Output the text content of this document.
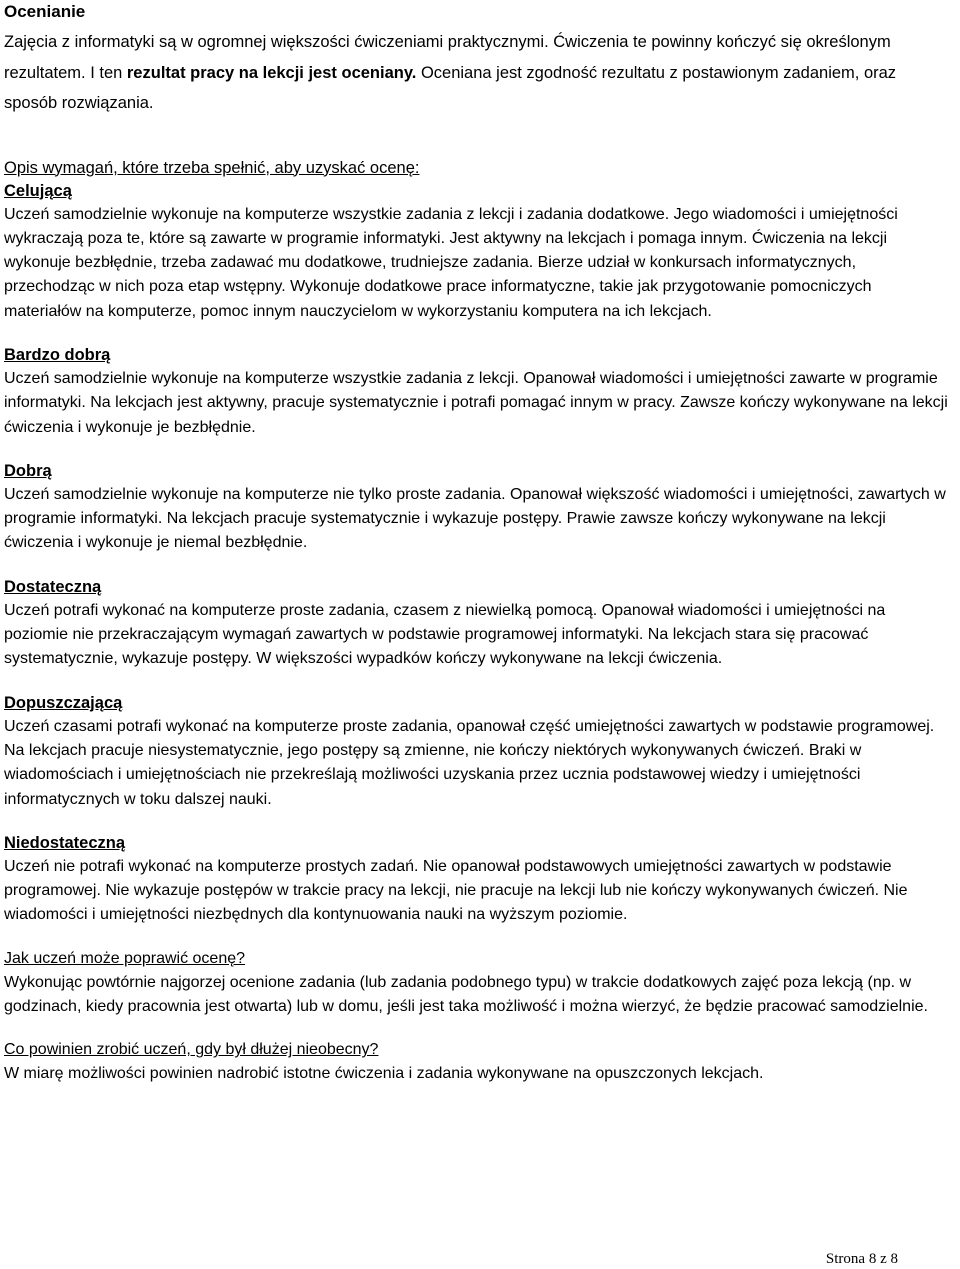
Ocenianie

Zajęcia z informatyki są w ogromnej większości ćwiczeniami praktycznymi. Ćwiczenia te powinny kończyć się określonym rezultatem. I ten rezultat pracy na lekcji jest oceniany. Oceniana jest zgodność rezultatu z postawionym zadaniem, oraz sposób rozwiązania.

Opis wymagań, które trzeba spełnić, aby uzyskać ocenę:

Celującą

Uczeń samodzielnie wykonuje na komputerze wszystkie zadania z lekcji i zadania dodatkowe. Jego wiadomości i umiejętności wykraczają poza te, które są zawarte w programie informatyki. Jest aktywny na lekcjach i pomaga innym. Ćwiczenia na lekcji wykonuje bezbłędnie, trzeba zadawać mu dodatkowe, trudniejsze zadania. Bierze udział w konkursach informatycznych, przechodząc w nich poza etap wstępny. Wykonuje dodatkowe prace informatyczne, takie jak przygotowanie pomocniczych materiałów na komputerze, pomoc innym nauczycielom w wykorzystaniu komputera na ich lekcjach.

Bardzo dobrą

Uczeń samodzielnie wykonuje na komputerze wszystkie zadania z lekcji. Opanował wiadomości i umiejętności zawarte w programie informatyki. Na lekcjach jest aktywny, pracuje systematycznie i potrafi pomagać innym w pracy. Zawsze kończy wykonywane na lekcji ćwiczenia i wykonuje je bezbłędnie.

Dobrą

Uczeń samodzielnie wykonuje na komputerze nie tylko proste zadania. Opanował większość wiadomości i umiejętności, zawartych w programie informatyki. Na lekcjach pracuje systematycznie i wykazuje postępy. Prawie zawsze kończy wykonywane na lekcji ćwiczenia i wykonuje je niemal bezbłędnie.

Dostateczną

Uczeń potrafi wykonać na komputerze proste zadania, czasem z niewielką pomocą. Opanował wiadomości i umiejętności na poziomie nie przekraczającym wymagań zawartych w podstawie programowej informatyki. Na lekcjach stara się pracować systematycznie, wykazuje postępy. W większości wypadków kończy wykonywane na lekcji ćwiczenia.

Dopuszczającą

Uczeń czasami potrafi wykonać na komputerze proste zadania, opanował część umiejętności zawartych w podstawie programowej. Na lekcjach pracuje niesystematycznie, jego postępy są zmienne, nie kończy niektórych wykonywanych ćwiczeń. Braki w wiadomościach i umiejętnościach nie przekreślają możliwości uzyskania przez ucznia podstawowej wiedzy i umiejętności informatycznych w toku dalszej nauki.

Niedostateczną

Uczeń nie potrafi wykonać na komputerze prostych zadań. Nie opanował podstawowych umiejętności zawartych w podstawie programowej. Nie wykazuje postępów w trakcie pracy na lekcji, nie pracuje na lekcji lub nie kończy wykonywanych ćwiczeń. Nie wiadomości i umiejętności niezbędnych dla kontynuowania nauki na wyższym poziomie.

Jak uczeń może poprawić ocenę?

Wykonując powtórnie najgorzej ocenione zadania (lub zadania podobnego typu) w trakcie dodatkowych zajęć poza lekcją (np. w godzinach, kiedy pracownia jest otwarta) lub w domu, jeśli jest taka możliwość i można wierzyć, że będzie pracować samodzielnie.

Co powinien zrobić uczeń, gdy był dłużej nieobecny?

W miarę możliwości powinien nadrobić istotne ćwiczenia i zadania wykonywane na opuszczonych lekcjach.

Strona 8 z 8
